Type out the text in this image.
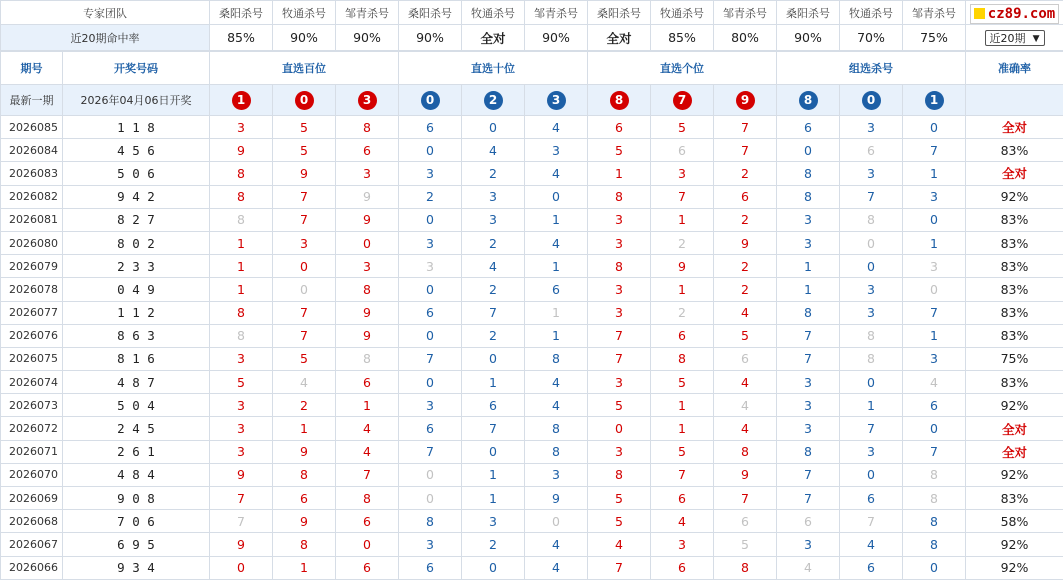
专家团队	桑阳杀号	牧通杀号	邹青杀号	桑阳杀号	牧通杀号	邹青杀号	桑阳杀号	牧通杀号	邹青杀号	桑阳杀号	牧通杀号	邹青杀号	cz89.com

近20期命中率	85%	90%	90%	90%	全对	90%	全对	85%	80%	90%	70%	75%	近20期 ▼
期号	开奖号码	直选百位			直选十位			直选个位			组选杀号			准确率
最新一期	2026年04月06日开奖	1	0	3	0	2	3	8	7	9	8	0	1	
2026085	1 1 8	3	5	8	6	0	4	6	5	7	6	3	0	全对
2026084	4 5 6	9	5	6	0	4	3	5	6	7	0	6	7	83%
2026083	5 0 6	8	9	3	3	2	4	1	3	2	8	3	1	全对
2026082	9 4 2	8	7	9	2	3	0	8	7	6	8	7	3	92%
2026081	8 2 7	8	7	9	0	3	1	3	1	2	3	8	0	83%
2026080	8 0 2	1	3	0	3	2	4	3	2	9	3	0	1	83%
2026079	2 3 3	1	0	3	3	4	1	8	9	2	1	0	3	83%
2026078	0 4 9	1	0	8	0	2	6	3	1	2	1	3	0	83%
2026077	1 1 2	8	7	9	6	7	1	3	2	4	8	3	7	83%
2026076	8 6 3	8	7	9	0	2	1	7	6	5	7	8	1	83%
2026075	8 1 6	3	5	8	7	0	8	7	8	6	7	8	3	75%
2026074	4 8 7	5	4	6	0	1	4	3	5	4	3	0	4	83%
2026073	5 0 4	3	2	1	3	6	4	5	1	4	3	1	6	92%
2026072	2 4 5	3	1	4	6	7	8	0	1	4	3	7	0	全对
2026071	2 6 1	3	9	4	7	0	8	3	5	8	8	3	7	全对
2026070	4 8 4	9	8	7	0	1	3	8	7	9	7	0	8	92%
2026069	9 0 8	7	6	8	0	1	9	5	6	7	7	6	8	83%
2026068	7 0 6	7	9	6	8	3	0	5	4	6	6	7	8	58%
2026067	6 9 5	9	8	0	3	2	4	4	3	5	3	4	8	92%
2026066	9 3 4	0	1	6	6	0	4	7	6	8	4	6	0	92%
